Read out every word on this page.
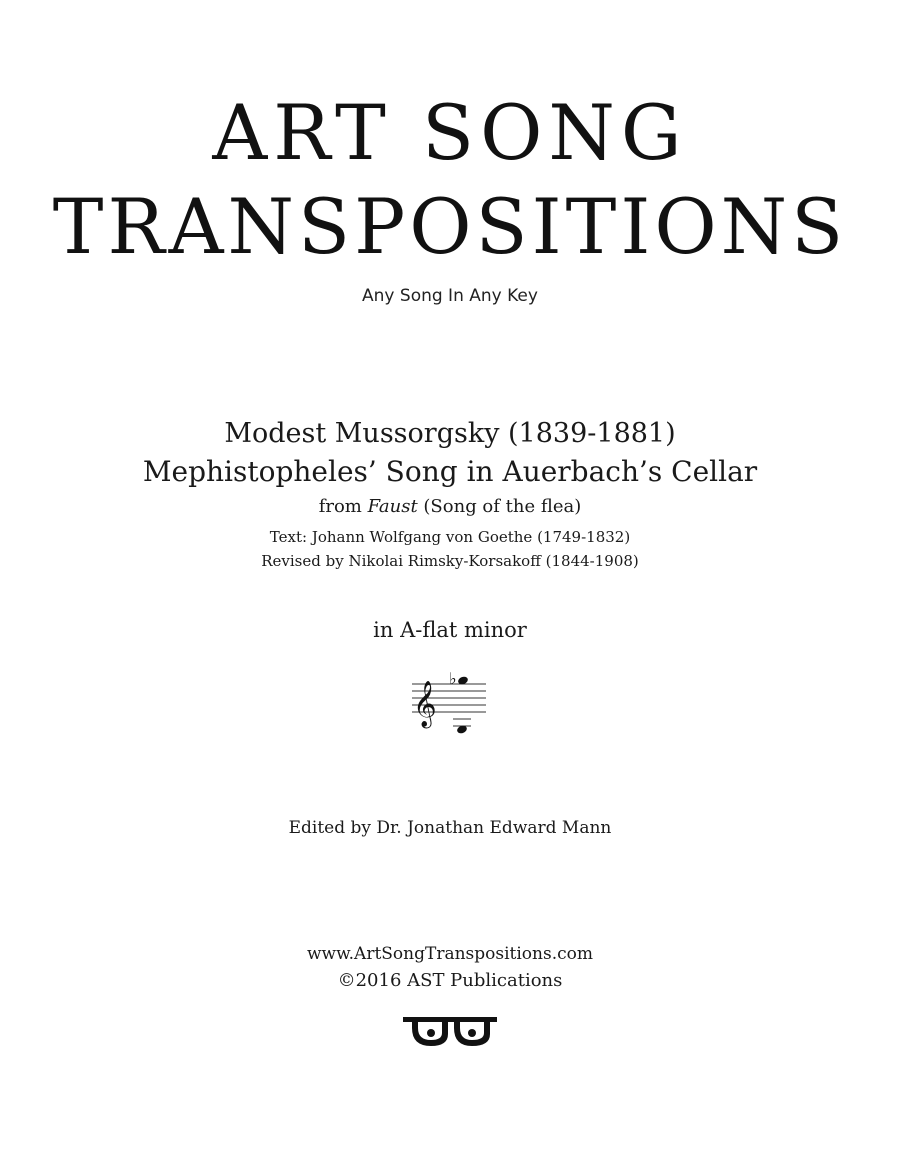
ART SONG
TRANSPOSITIONS
Any Song In Any Key
Modest Mussorgsky (1839-1881)
Mephistopheles’ Song in Auerbach’s Cellar
from Faust (Song of the flea)
Text: Johann Wolfgang von Goethe (1749-1832)
Revised by Nikolai Rimsky-Korsakoff (1844-1908)
in A-flat minor
𝄞
♭
Edited by Dr. Jonathan Edward Mann
www.ArtSongTranspositions.com
©2016 AST Publications
